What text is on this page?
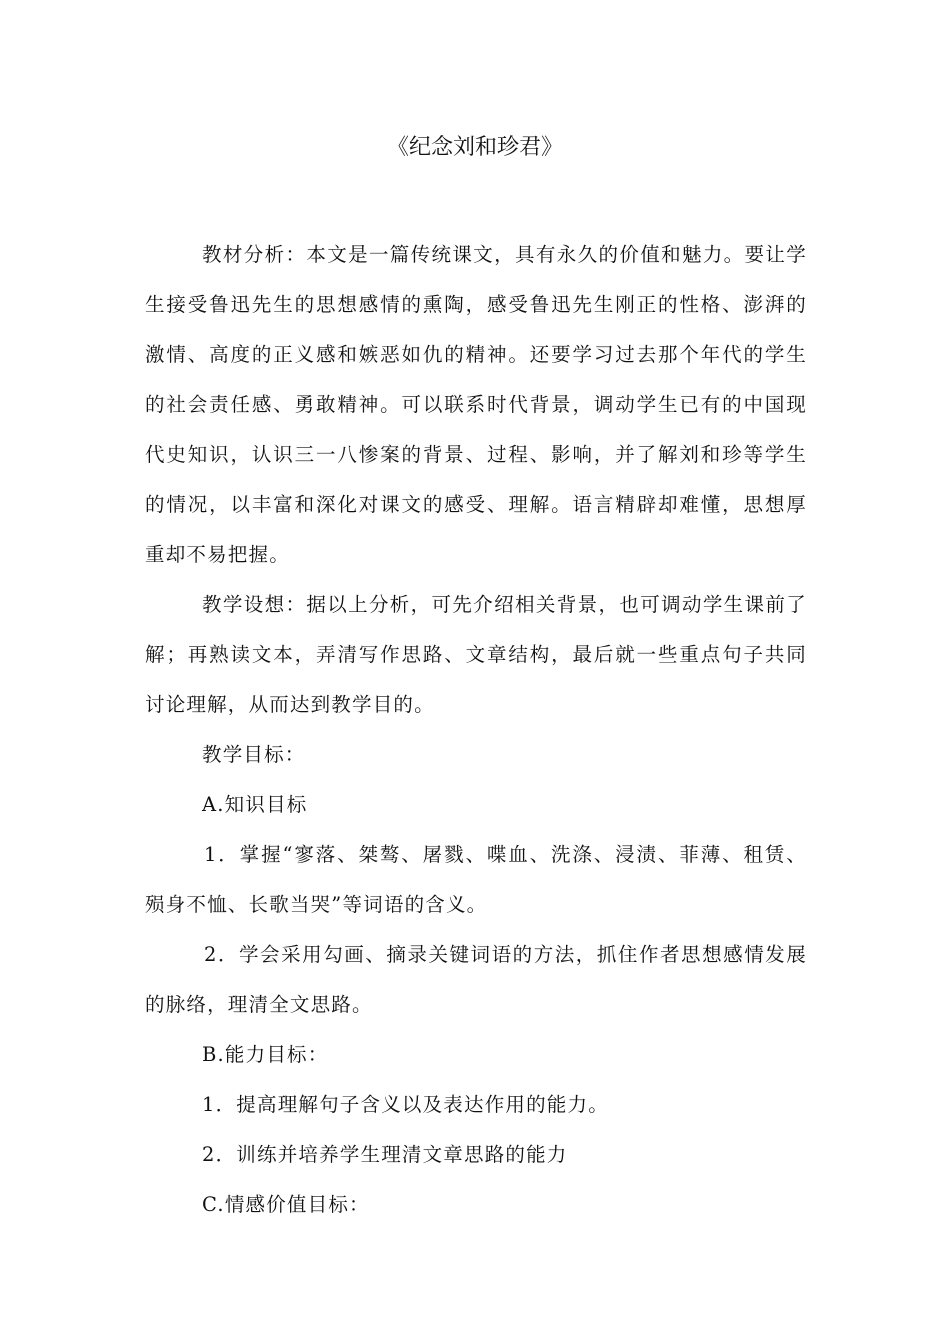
《纪念刘和珍君》

教材分析：本文是一篇传统课文，具有永久的价值和魅力。要让学生接受鲁迅先生的思想感情的熏陶，感受鲁迅先生刚正的性格、澎湃的激情、高度的正义感和嫉恶如仇的精神。还要学习过去那个年代的学生的社会责任感、勇敢精神。可以联系时代背景，调动学生已有的中国现代史知识，认识三一八惨案的背景、过程、影响，并了解刘和珍等学生的情况，以丰富和深化对课文的感受、理解。语言精辟却难懂，思想厚重却不易把握。

教学设想：据以上分析，可先介绍相关背景，也可调动学生课前了解；再熟读文本，弄清写作思路、文章结构，最后就一些重点句子共同讨论理解，从而达到教学目的。

教学目标：

A.知识目标

1．掌握“寥落、桀骜、屠戮、喋血、洗涤、浸渍、菲薄、租赁、殒身不恤、长歌当哭”等词语的含义。

2．学会采用勾画、摘录关键词语的方法，抓住作者思想感情发展的脉络，理清全文思路。

B.能力目标：

1．提高理解句子含义以及表达作用的能力。

2．训练并培养学生理清文章思路的能力

C.情感价值目标：
